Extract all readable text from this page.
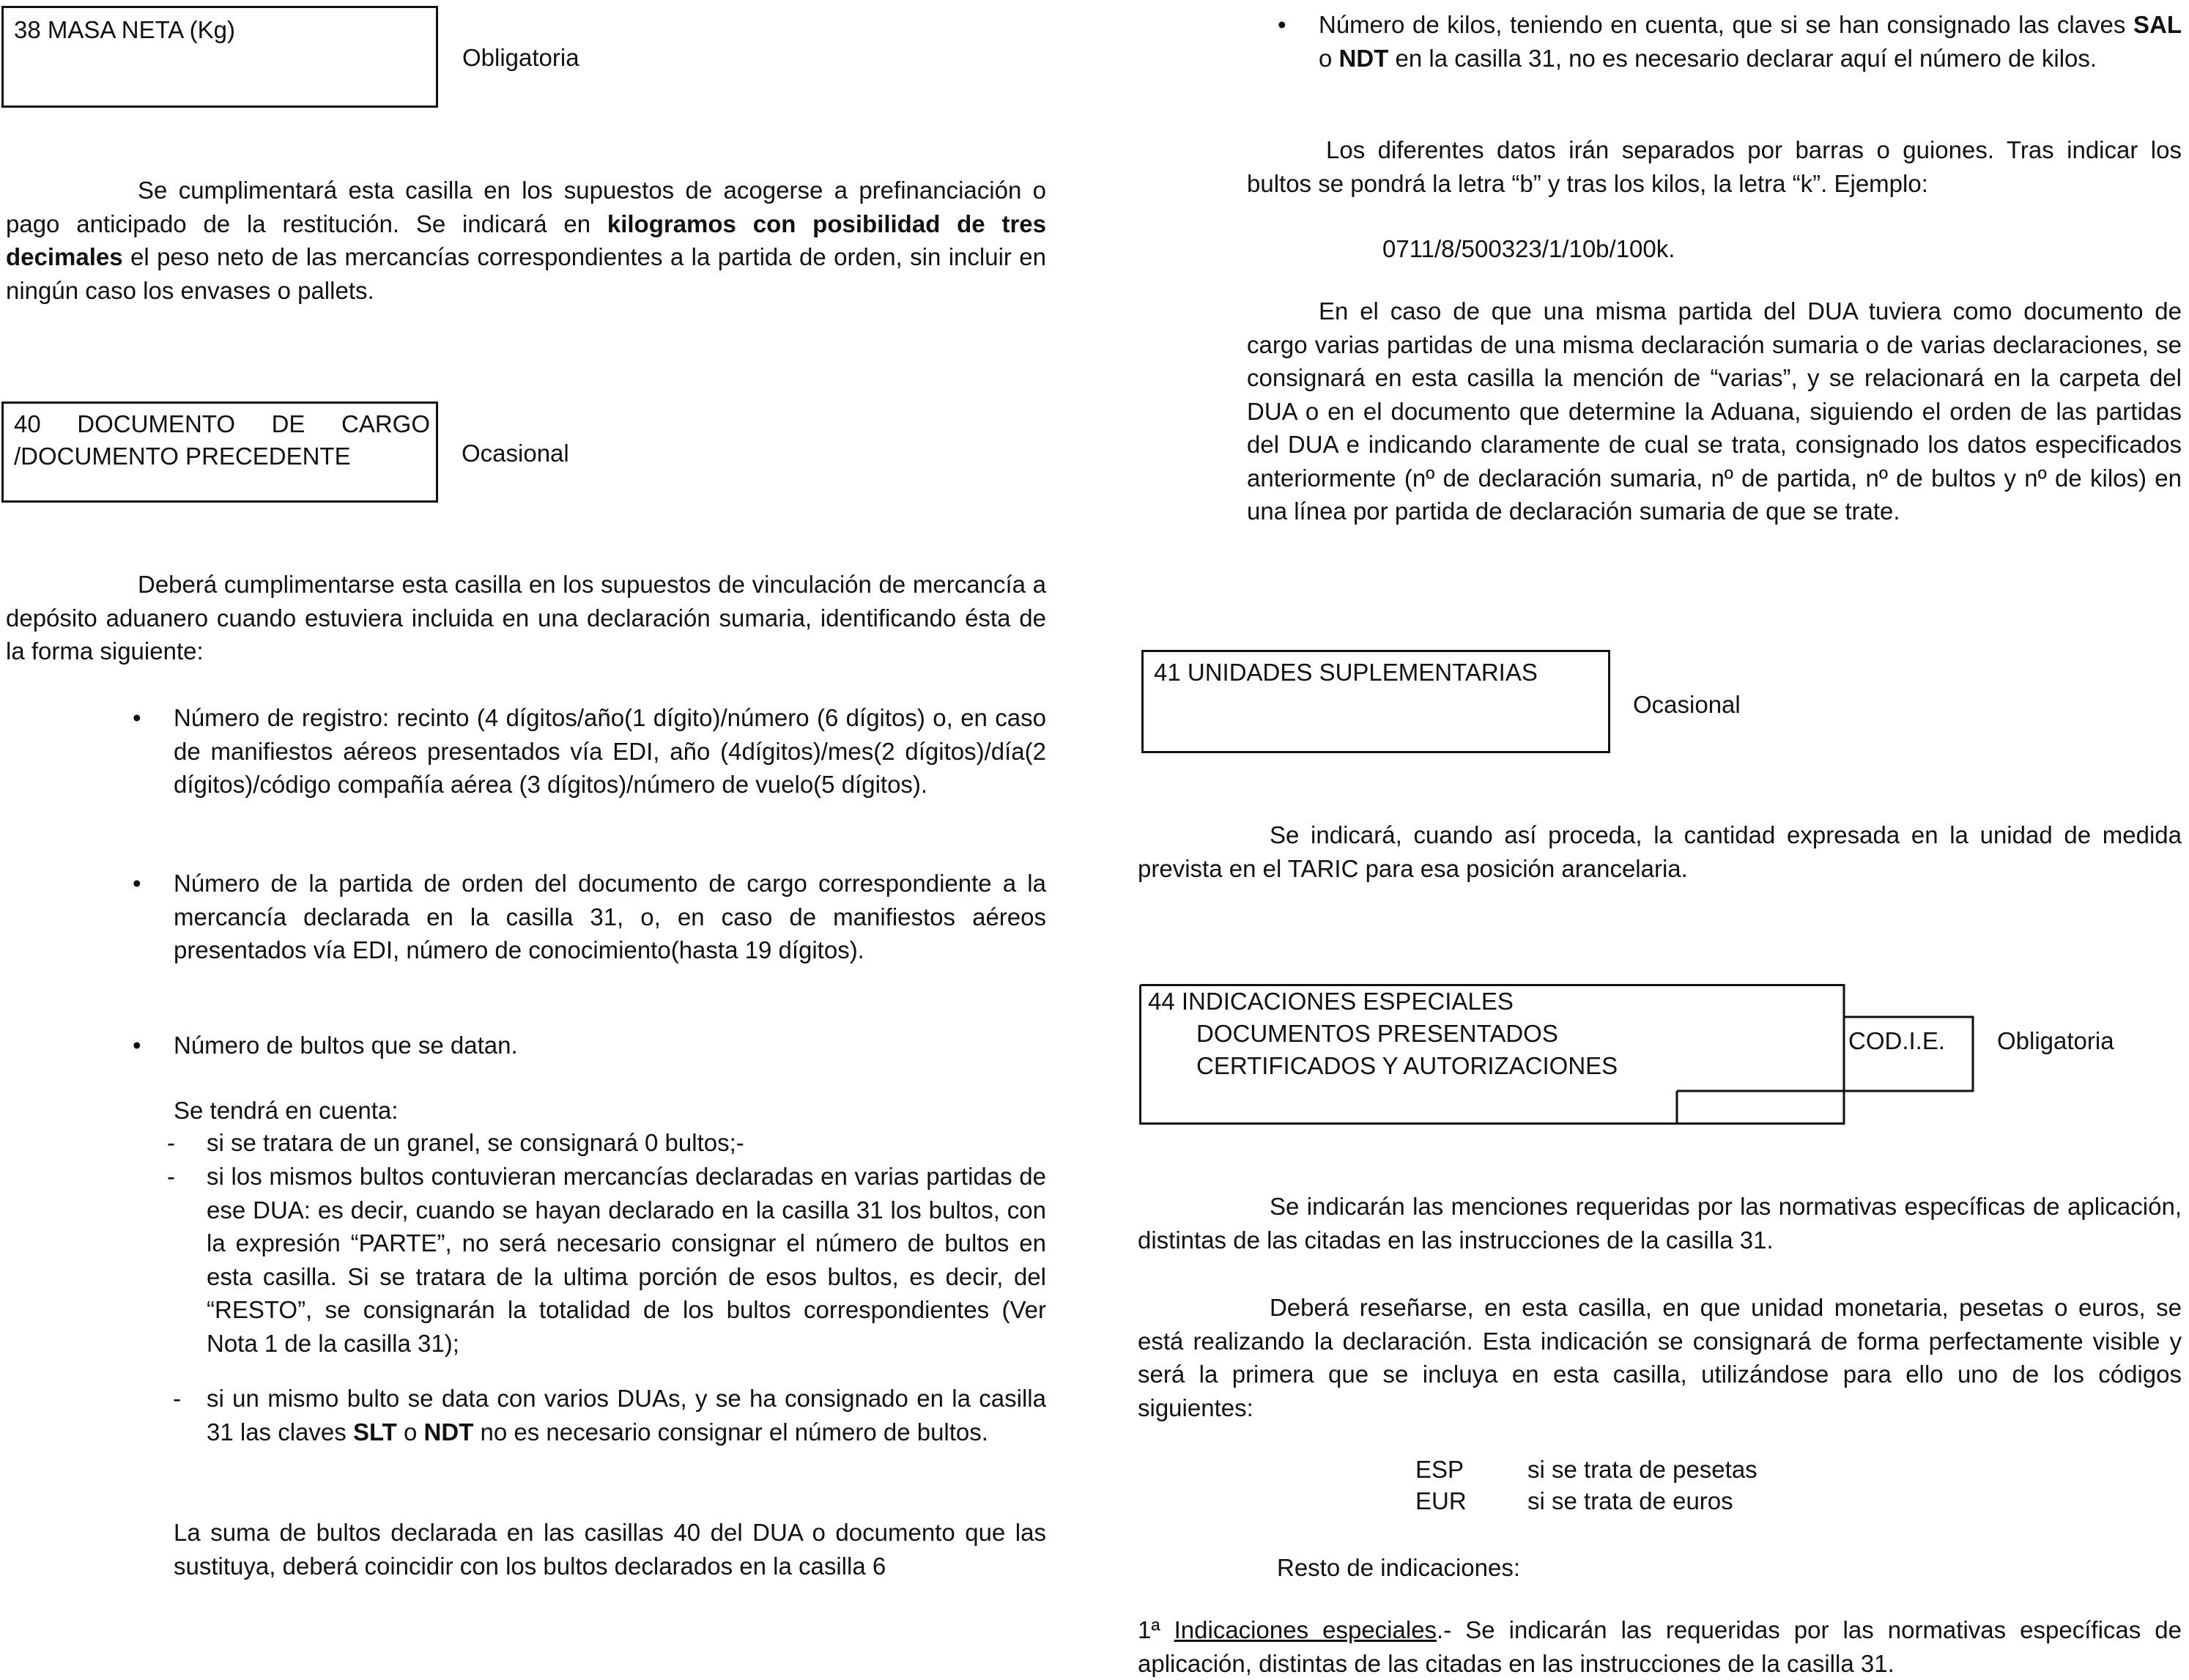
38 MASA NETA (Kg)
Obligatoria
Se cumplimentará esta casilla en los supuestos de acogerse a prefinanciación o pago anticipado de la restitución. Se indicará en kilogramos con posibilidad de tres decimales el peso neto de las mercancías correspondientes a la partida de orden, sin incluir en ningún caso los envases o pallets.
40 DOCUMENTO DE CARGO
/DOCUMENTO PRECEDENTE	Ocasional
Deberá cumplimentarse esta casilla en los supuestos de vinculación de mercancía a depósito aduanero cuando estuviera incluida en una declaración sumaria, identificando ésta de la forma siguiente:
• Número de registro: recinto (4 dígitos/año(1 dígito)/número (6 dígitos) o, en caso de manifiestos aéreos presentados vía EDI, año (4dígitos)/mes(2 dígitos)/día(2 dígitos)/código compañía aérea (3 dígitos)/número de vuelo(5 dígitos).
• Número de la partida de orden del documento de cargo correspondiente a la mercancía declarada en la casilla 31, o, en caso de manifiestos aéreos presentados vía EDI, número de conocimiento(hasta 19 dígitos).
• Número de bultos que se datan.
Se tendrá en cuenta:
- si se tratara de un granel, se consignará 0 bultos;-
- si los mismos bultos contuvieran mercancías declaradas en varias partidas de ese DUA: es decir, cuando se hayan declarado en la casilla 31 los bultos, con la expresión “PARTE”, no será necesario consignar el número de bultos en esta casilla. Si se tratara de la ultima porción de esos bultos, es decir, del “RESTO”, se consignarán la totalidad de los bultos correspondientes (Ver Nota 1 de la casilla 31);
- si un mismo bulto se data con varios DUAs, y se ha consignado en la casilla 31 las claves SLT o NDT no es necesario consignar el número de bultos.
La suma de bultos declarada en las casillas 40 del DUA o documento que las sustituya, deberá coincidir con los bultos declarados en la casilla 6
• Número de kilos, teniendo en cuenta, que si se han consignado las claves SAL o NDT en la casilla 31, no es necesario declarar aquí el número de kilos.
Los diferentes datos irán separados por barras o guiones. Tras indicar los bultos se pondrá la letra “b” y tras los kilos, la letra “k”. Ejemplo:
0711/8/500323/1/10b/100k.
En el caso de que una misma partida del DUA tuviera como documento de cargo varias partidas de una misma declaración sumaria o de varias declaraciones, se consignará en esta casilla la mención de “varias”, y se relacionará en la carpeta del DUA o en el documento que determine la Aduana, siguiendo el orden de las partidas del DUA e indicando claramente de cual se trata, consignado los datos especificados anteriormente (nº de declaración sumaria, nº de partida, nº de bultos y nº de kilos) en una línea por partida de declaración sumaria de que se trate.
41 UNIDADES SUPLEMENTARIAS
Ocasional
Se indicará, cuando así proceda, la cantidad expresada en la unidad de medida prevista en el TARIC para esa posición arancelaria.
44 INDICACIONES ESPECIALES
DOCUMENTOS PRESENTADOS
CERTIFICADOS Y AUTORIZACIONES
COD.I.E. Obligatoria
Se indicarán las menciones requeridas por las normativas específicas de aplicación, distintas de las citadas en las instrucciones de la casilla 31.
Deberá reseñarse, en esta casilla, en que unidad monetaria, pesetas o euros, se está realizando la declaración. Esta indicación se consignará de forma perfectamente visible y será la primera que se incluya en esta casilla, utilizándose para ello uno de los códigos siguientes:
ESP	si se trata de pesetas
EUR	si se trata de euros
Resto de indicaciones:
1ª Indicaciones especiales.- Se indicarán las requeridas por las normativas específicas de aplicación, distintas de las citadas en las instrucciones de la casilla 31.
